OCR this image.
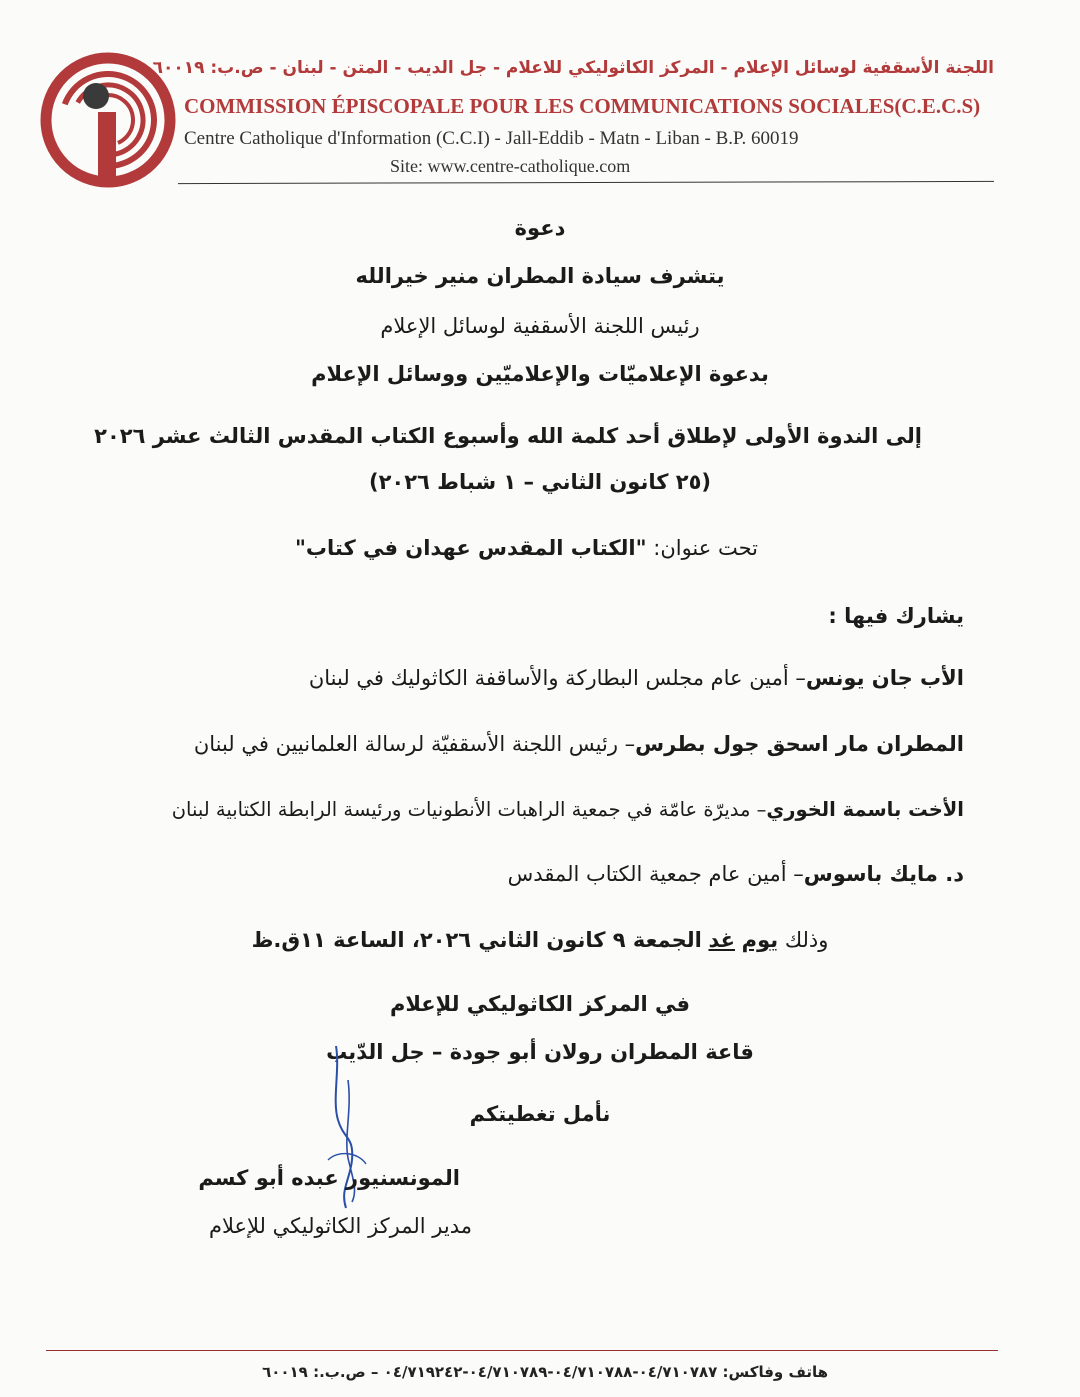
اللجنة الأسقفية لوسائل الإعلام - المركز الكاثوليكي للاعلام - جل الديب - المتن - لبنان - ص.ب: ٦٠٠١٩
COMMISSION ÉPISCOPALE POUR LES COMMUNICATIONS SOCIALES(C.E.C.S)
Centre Catholique d'Information (C.C.I) - Jall-Eddib - Matn - Liban - B.P. 60019
Site: www.centre-catholique.com
دعوة
يتشرف سيادة المطران منير خيرالله
رئيس اللجنة الأسقفية لوسائل الإعلام
بدعوة الإعلاميّات والإعلاميّين ووسائل الإعلام
إلى الندوة الأولى لإطلاق أحد كلمة الله وأسبوع الكتاب المقدس الثالث عشر ٢٠٢٦
(٢٥ كانون الثاني – ١ شباط ٢٠٢٦)
تحت عنوان: "الكتاب المقدس عهدان في كتاب"
يشارك فيها :
الأب جان يونس– أمين عام مجلس البطاركة والأساقفة الكاثوليك في لبنان
المطران مار اسحق جول بطرس– رئيس اللجنة الأسقفيّة لرسالة العلمانيين في لبنان
الأخت باسمة الخوري– مديرّة عامّة في جمعية الراهبات الأنطونيات ورئيسة الرابطة الكتابية لبنان
د. مايك باسوس– أمين عام جمعية الكتاب المقدس
وذلك يوم غد الجمعة ٩ كانون الثاني ٢٠٢٦، الساعة ١١ق.ظ
في المركز الكاثوليكي للإعلام
قاعة المطران رولان أبو جودة – جل الدّيب
نأمل تغطيتكم
المونسنيور عبده أبو كسم
مدير المركز الكاثوليكي للإعلام
هاتف وفاكس: ٠٤/٧١٠٧٨٧-٠٤/٧١٠٧٨٨-٠٤/٧١٠٧٨٩-٠٤/٧١٩٢٤٢ – ص.ب.: ٦٠٠١٩
